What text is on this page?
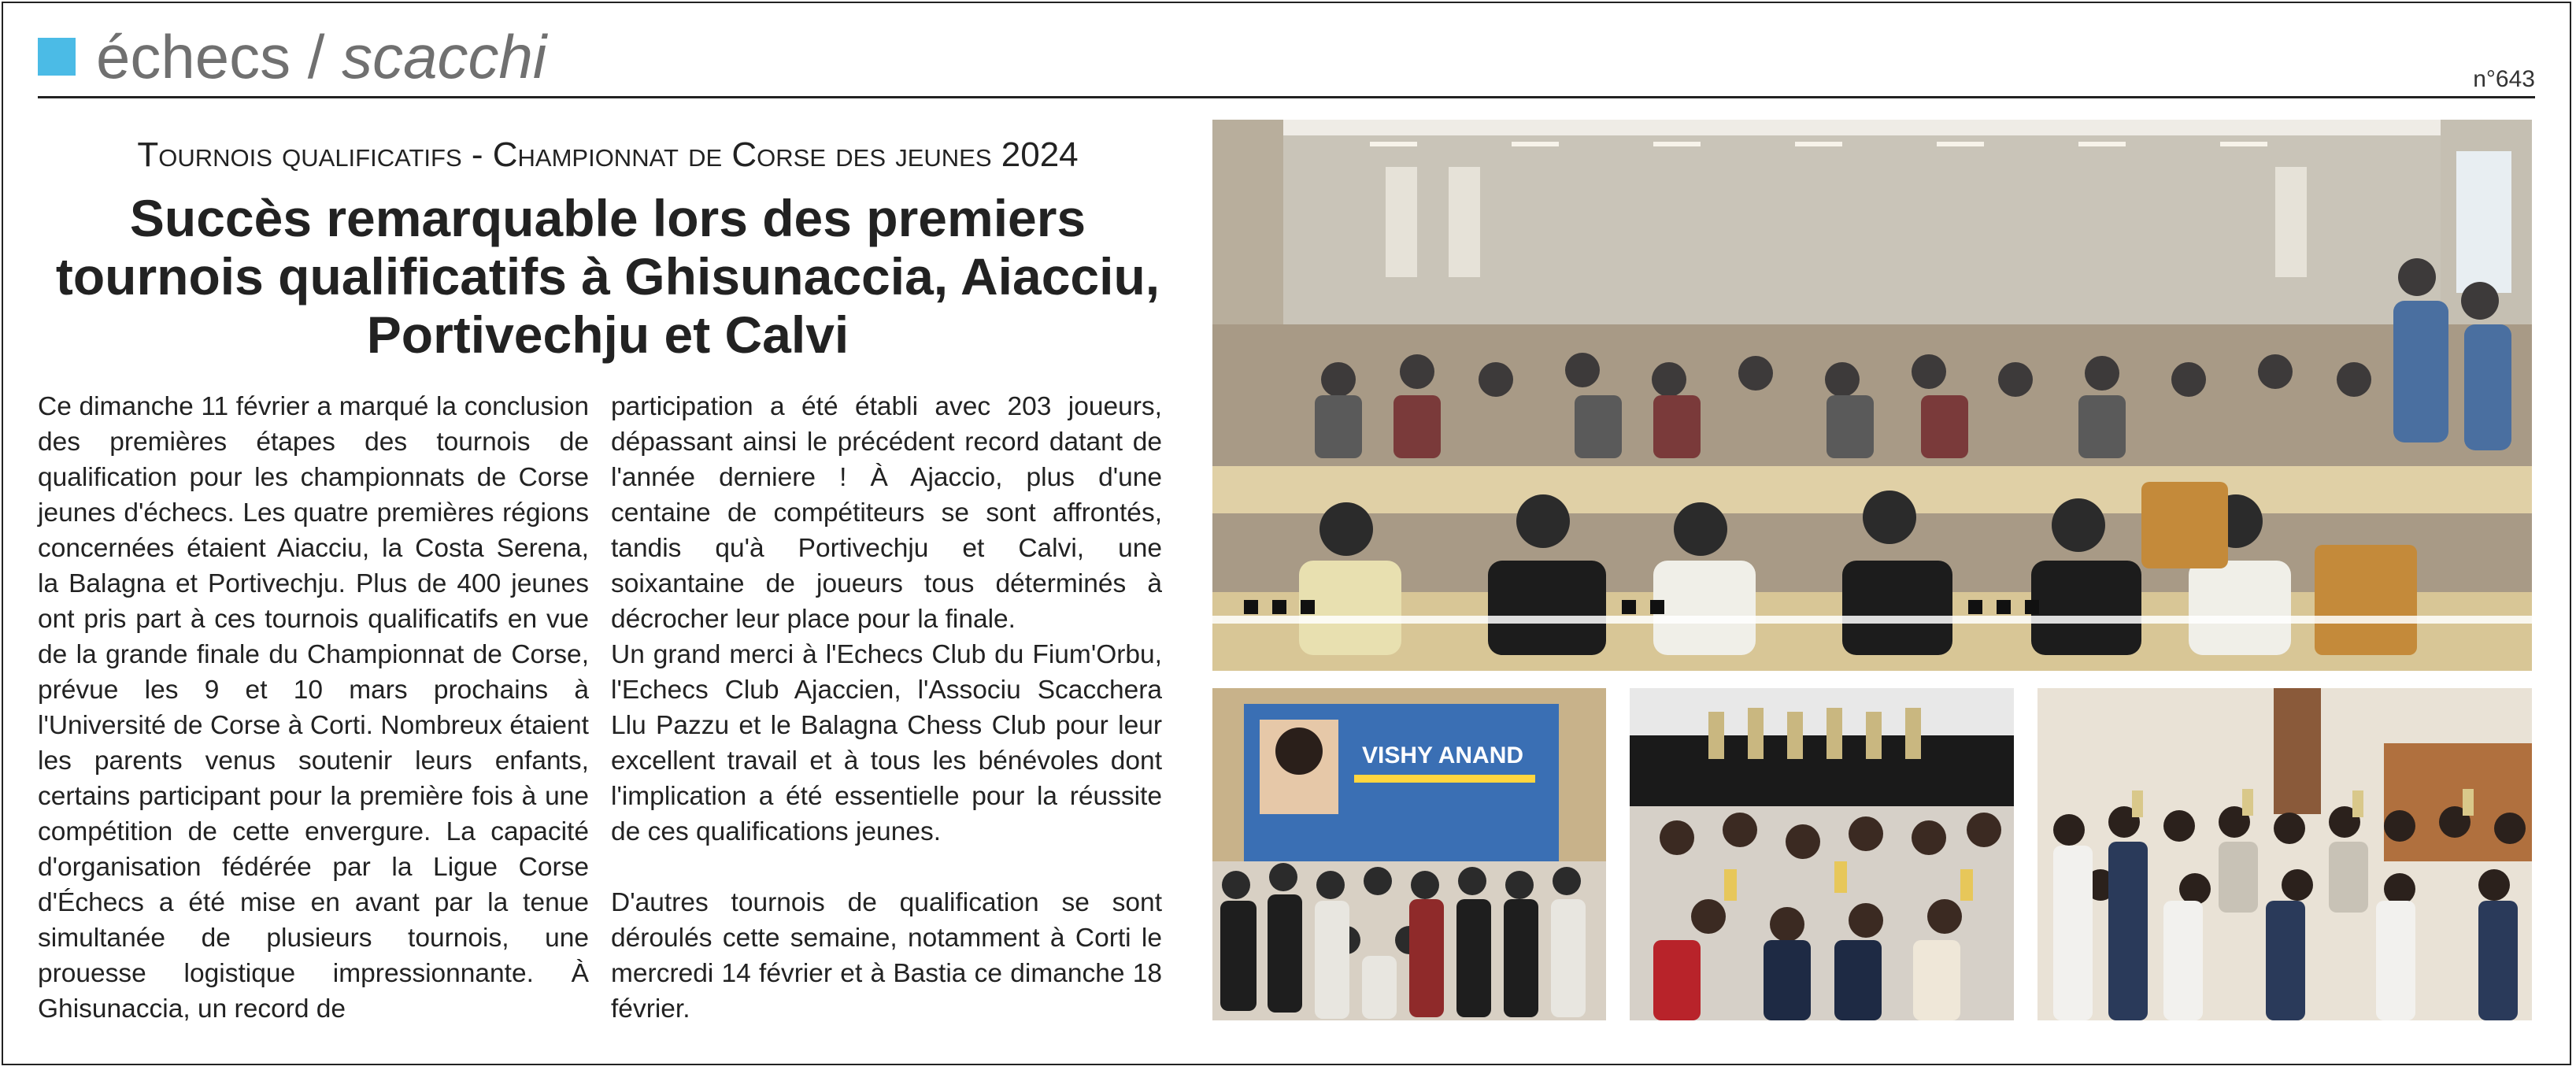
échecs / scacchi	n°643
Tournois qualificatifs - Championnat de Corse des jeunes 2024
Succès remarquable lors des premiers tournois qualificatifs à Ghisunaccia, Aiacciu, Portivechju et Calvi

Ce dimanche 11 février a marqué la conclusion des premières étapes des tournois de qualification pour les championnats de Corse jeunes d'échecs. Les quatre premières régions concernées étaient Aiacciu, la Costa Serena, la Balagna et Portivechju. Plus de 400 jeunes ont pris part à ces tournois qualificatifs en vue de la grande finale du Championnat de Corse, prévue les 9 et 10 mars prochains à l'Université de Corse à Corti. Nombreux étaient les parents venus soutenir leurs enfants, certains participant pour la première fois à une compétition de cette envergure. La capacité d'organisation fédérée par la Ligue Corse d'Échecs a été mise en avant par la tenue simultanée de plusieurs tournois, une prouesse logistique impressionnante. À Ghisunaccia, un record de

participation a été établi avec 203 joueurs, dépassant ainsi le précédent record datant de l'année derniere ! À Ajaccio, plus d'une centaine de compétiteurs se sont affrontés, tandis qu'à Portivechju et Calvi, une soixantaine de joueurs tous déterminés à décrocher leur place pour la finale.

Un grand merci à l'Echecs Club du Fium'Orbu, l'Echecs Club Ajaccien, l'Associu Scacchera Llu Pazzu et le Balagna Chess Club pour leur excellent travail et à tous les bénévoles dont l'implication a été essentielle pour la réussite de ces qualifications jeunes.

D'autres tournois de qualification se sont déroulés cette semaine, notamment à Corti le mercredi 14 février et à Bastia ce dimanche 18 février.

VISHY ANAND
